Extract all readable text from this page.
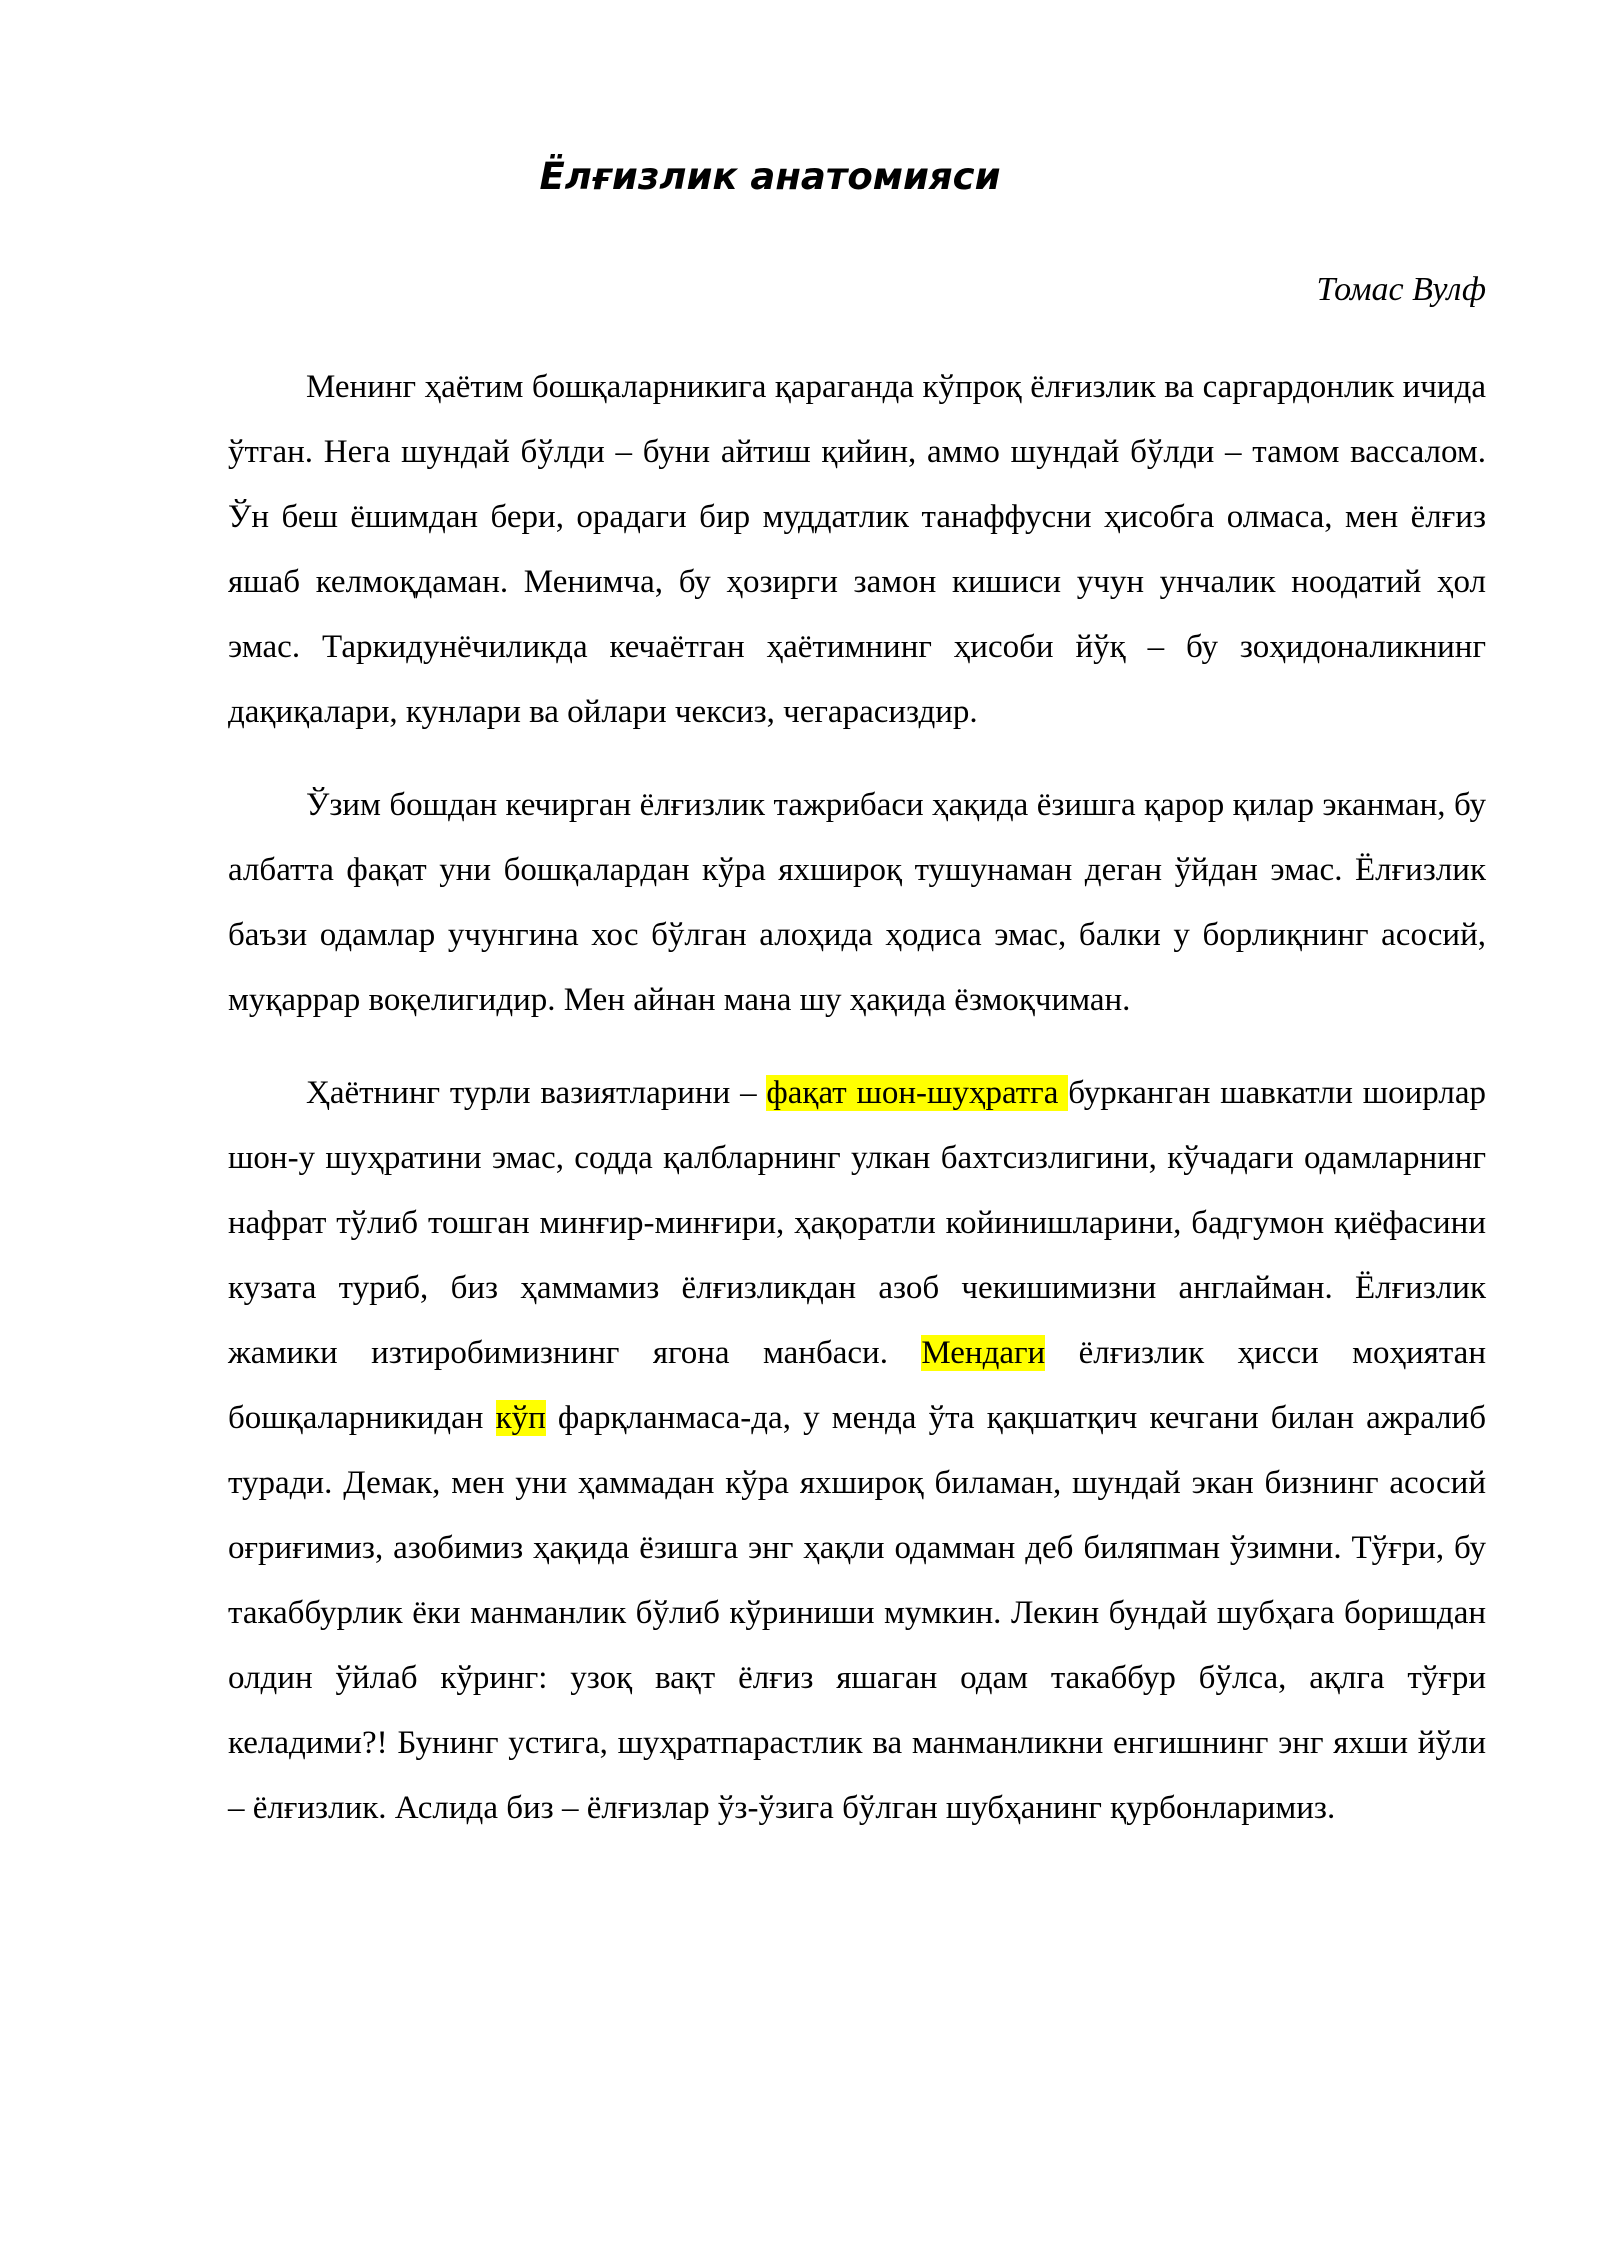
Ёлғизлик анатомияси
Томас Вулф

Менинг ҳаётим бошқаларникига қараганда кўпроқ ёлғизлик ва саргардонлик ичида ўтган. Нега шундай бўлди – буни айтиш қийин, аммо шундай бўлди – тамом вассалом. Ўн беш ёшимдан бери, орадаги бир муддатлик танаффусни ҳисобга олмаса, мен ёлғиз яшаб келмоқдаман. Менимча, бу ҳозирги замон кишиси учун унчалик ноодатий ҳол эмас. Таркидунёчиликда кечаётган ҳаётимнинг ҳисоби йўқ – бу зоҳидоналикнинг дақиқалари, кунлари ва ойлари чексиз, чегарасиздир.

Ўзим бошдан кечирган ёлғизлик тажрибаси ҳақида ёзишга қарор қилар эканман, бу албатта фақат уни бошқалардан кўра яхшироқ тушунаман деган ўйдан эмас. Ёлғизлик баъзи одамлар учунгина хос бўлган алоҳида ҳодиса эмас, балки у борлиқнинг асосий, муқаррар воқелигидир. Мен айнан мана шу ҳақида ёзмоқчиман.

Ҳаётнинг турли вазиятларини – фақат шон-шуҳратга бурканган шавкатли шоирлар шон-у шуҳратини эмас, содда қалбларнинг улкан бахтсизлигини, кўчадаги одамларнинг нафрат тўлиб тошган минғир-минғири, ҳақоратли койинишларини, бадгумон қиёфасини кузата туриб, биз ҳаммамиз ёлғизликдан азоб чекишимизни англайман. Ёлғизлик жамики изтиробимизнинг ягона манбаси. Мендаги ёлғизлик ҳисси моҳиятан бошқаларникидан кўп фарқланмаса-да, у менда ўта қақшатқич кечгани билан ажралиб туради. Демак, мен уни ҳаммадан кўра яхшироқ биламан, шундай экан бизнинг асосий оғриғимиз, азобимиз ҳақида ёзишга энг ҳақли одамман деб биляпман ўзимни. Тўғри, бу такаббурлик ёки манманлик бўлиб кўриниши мумкин. Лекин бундай шубҳага боришдан олдин ўйлаб кўринг: узоқ вақт ёлғиз яшаган одам такаббур бўлса, ақлга тўғри келадими?! Бунинг устига, шуҳратпарастлик ва манманликни енгишнинг энг яхши йўли – ёлғизлик. Аслида биз – ёлғизлар ўз-ўзига бўлган шубҳанинг қурбонларимиз.
